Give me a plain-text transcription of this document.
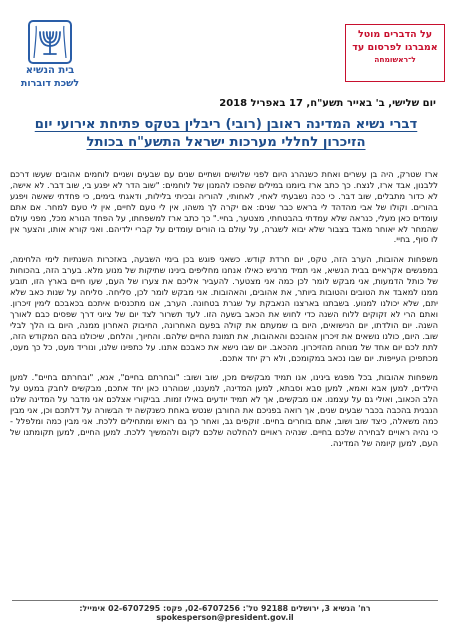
על הדברים מוטל
אמברגו לפרסום עד
ל־ראשומחה
בית הנשיא
לשכת דוברות
יום שלישי, ב' באייר תשע"ח, 17 באפריל 2018
דברי נשיא המדינה ראובן (רובי) ריבלין בטקס פתיחת אירועי יום הזיכרון לחללי מערכות ישראל התשע"ח בכותל

ארז שטרק, היה בן עשרים ואחת כשנהרג היום לפני שלושים ושתיים שנים עם שבעים ושניים לוחמים אהובים שעשו דרכם ללבנון, אבד ארז, לנצח. כך כתב ארז ביומנו במילים שהפכו להמנון של לוחמים: "שוב הדר לא יפגע בי, שוב דבר. לא אישה, לא כדור מתבלים, שוב דבר. כי ככה נשבעתי לאחי, לאחותי, להוריה ובכיתי בלילות, ודאגתי בימים, כי פחדתי שאשה ויפגע בהורים. וקולו של אבי מהדהד לי בראש כבר שנים: אם יקרה לך משהו, אין לי טעם לחיים, אין לי טעם למחר. אם אתם עומדים כאן מעלי, כנראה שלא עמדתי בהבטחתי, מצטער, בחיי." כך כתב ארז למשפחתו, על הפחד הנורא מכל, מפני עולם שהמחר לא יאוחר מאבד בצבור שלא יבוא לשגרה, על עולם בו הורים עומדים על קברי ילדיהם. ואני קורא אותו, והצער אין לו סוף, בחיי.

משפחות אהובות, הערב הזה, טקס, יום חרדת קודש. כשאני פוגש בכן בימי השבעה, באזכרות השנתיות לימי הלחימה, במפגשים אקראיים בבית הנשיא, אני תמיד מרגיש כאילו אנחנו מחליפים בינינו שתיקות של מנוע מלא. בערב הזה, בהכוחות של כותל הדמעות, אני מבקש לומר לכן כמה אני מצטער. להעביר אליכם את צערו של העם, שעו חיים בארץ הזו, תובע ממנו למאבד את הטובים והטובות ביותר, את אהובים, והאהובות. אני מבקש לומר לכן, סליחה. סליחה על שנות כאב שלא יתם, שלא יכולנו למנוע. בשבתנו בארצנו הנאבקת על שגרת בטחונה. הערב, אנו מתכנסים איתכם בכאבכם לימין זיכרון. ואתם הרי לא זקוקים ללוח השנה כדי לחוש את הכאב בשעה הזו. לעד תשרור לצד יום של ציוני דרך שפסים כבם לאורך השנה. יום הולדתו, יום הנישואים, היום בו שמעתם את קולה בפעם האחרונה, החיבוק האחרון ממנה, היום בו הלך לבלי שוב. היום, כולנו נושאים את זיכרון אהובכם והאהובות, את תמונת החיים שלהם. והחיוך, והלחם, שיכולנו בהם המקודש הזה, לתת לכם יום אחד של מנוחה מהזיכרון. מהכאב. יום שבו נישא את כאבכם אתנו. על כתפינו שלנו, ונוריד מעט, כל כך מעט, מכתפיכן העייפות. יום שבו נכאב במקומכם, ולא רק יחד אתכם.

משפחות אהובות, בכל מפגש בינינו, אנו תמיד מבקשים מכן, שוב ושוב: "ובחרתם בחיים", אנא, "ובחרתם בחיים". למען הילדים, למען אבא ואמא, למען סבא וסבתא, למען המדינה, למעננו, שנוהרנו כאן יחד אתכם, מבקשים לחבק במעט על הלב הכאוב, ואולי גם על עצמנו. אנו מבקשים, אך לא תמיד יודעים באילו זמות. בביקורי אצלכם אני מדבר על המדינה שלנו הנבנית בהכבה בכבר שבעים שנים, אך רואה בפניכם את החורבן שנטש באחת כשנקשה יד הבשורה על דלתכם וכן, אני מבין כמה משאלה, כיצד שוב ושוב, אתם בוחרים בחיים. זוקפים גב, ואחר כך גם רואש ומתחילים ללכת. אני מבין כמה ומלפלל - כי נהיה ראויים לבחירה שלכם בחיים. שנהיה ראויים להחלטה שלכם לקום ולהמשיך ללכת. למען החיים, למען תקומתנו של העם, למען קיומה של המדינה.

רח' הנשיא 3, ירושלים 92188 טל': 02-6707256, פקס: 02-6707295 אימייל: spokesperson@president.gov.il
